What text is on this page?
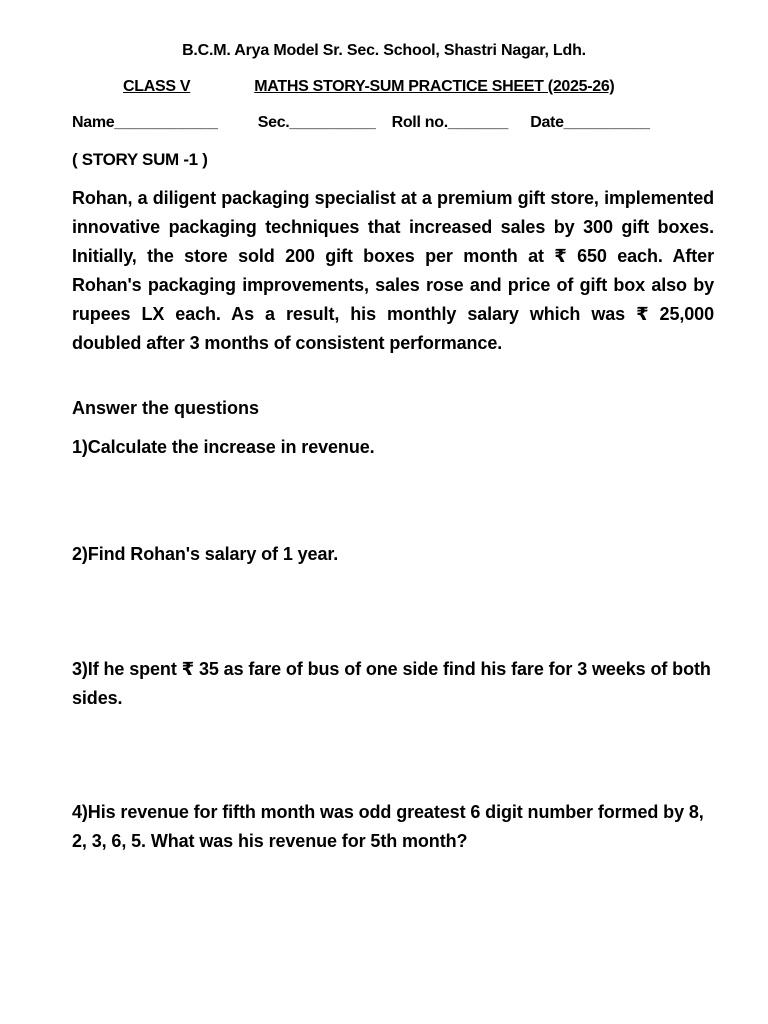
B.C.M. Arya Model Sr. Sec. School, Shastri Nagar, Ldh.
CLASS V	MATHS STORY-SUM PRACTICE SHEET (2025-26)
Name____________	Sec.__________ Roll no._______ Date__________
( STORY SUM -1 )
Rohan, a diligent packaging specialist at a premium gift store, implemented innovative packaging techniques that increased sales by 300 gift boxes. Initially, the store sold 200 gift boxes per month at ₹ 650 each. After Rohan's packaging improvements, sales rose and price of gift box also by rupees LX each. As a result, his monthly salary which was ₹ 25,000 doubled after 3 months of consistent performance.
Answer the questions
1)Calculate the increase in revenue.
2)Find Rohan's salary of 1 year.
3)If he spent ₹ 35 as fare of bus of one side find his fare for 3 weeks of both sides.
4)His revenue for fifth month was odd greatest 6 digit number formed by 8, 2, 3, 6, 5. What was his revenue for 5th month?
